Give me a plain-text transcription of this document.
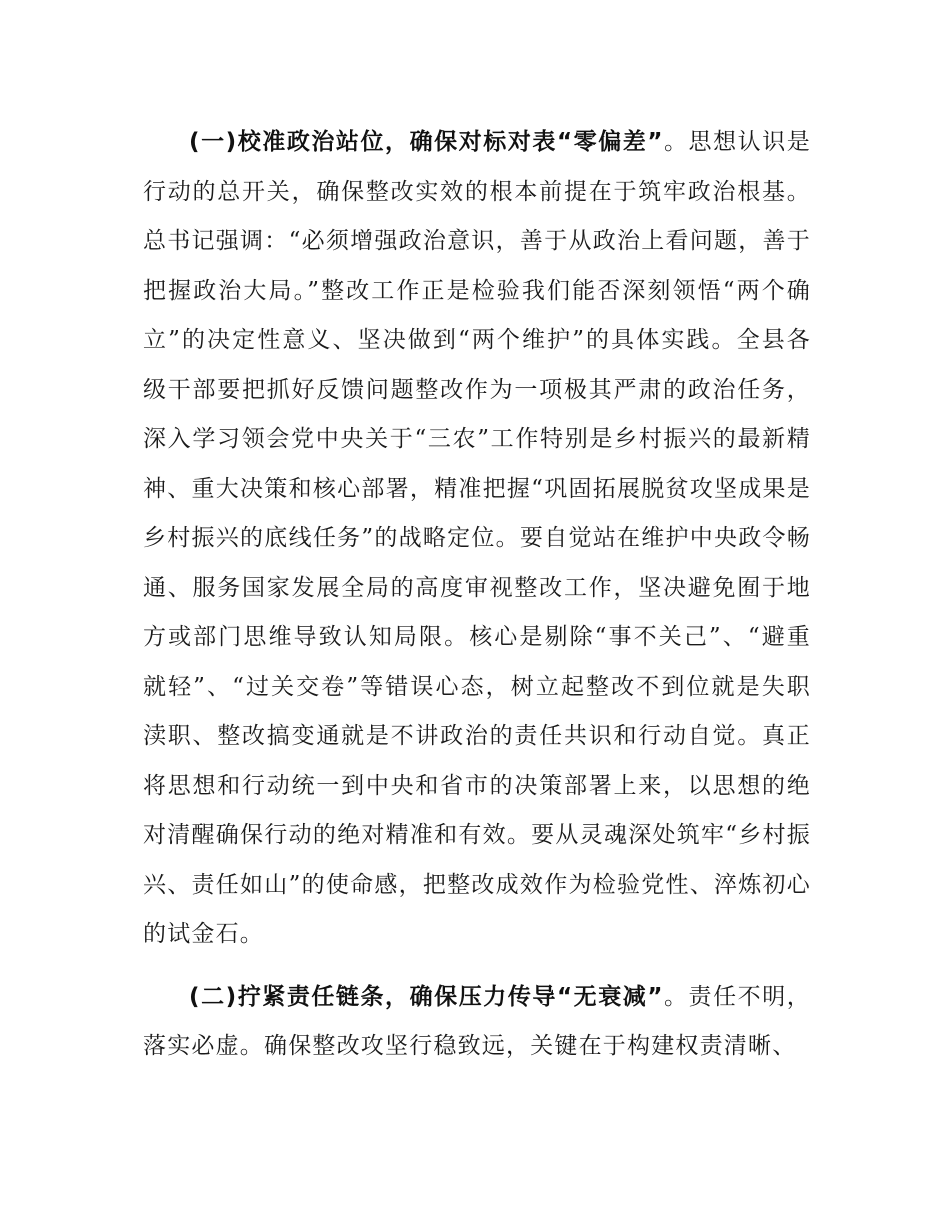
(一)校准政治站位，确保对标对表“零偏差”。思想认识是行动的总开关，确保整改实效的根本前提在于筑牢政治根基。总书记强调：“必须增强政治意识，善于从政治上看问题，善于把握政治大局。”整改工作正是检验我们能否深刻领悟“两个确立”的决定性意义、坚决做到“两个维护”的具体实践。全县各级干部要把抓好反馈问题整改作为一项极其严肃的政治任务，深入学习领会党中央关于“三农”工作特别是乡村振兴的最新精神、重大决策和核心部署，精准把握“巩固拓展脱贫攻坚成果是乡村振兴的底线任务”的战略定位。要自觉站在维护中央政令畅通、服务国家发展全局的高度审视整改工作，坚决避免囿于地方或部门思维导致认知局限。核心是剔除“事不关己”、“避重就轻”、“过关交卷”等错误心态，树立起整改不到位就是失职渎职、整改搞变通就是不讲政治的责任共识和行动自觉。真正将思想和行动统一到中央和省市的决策部署上来，以思想的绝对清醒确保行动的绝对精准和有效。要从灵魂深处筑牢“乡村振兴、责任如山”的使命感，把整改成效作为检验党性、淬炼初心的试金石。

(二)拧紧责任链条，确保压力传导“无衰减”。责任不明，落实必虚。确保整改攻坚行稳致远，关键在于构建权责清晰、
